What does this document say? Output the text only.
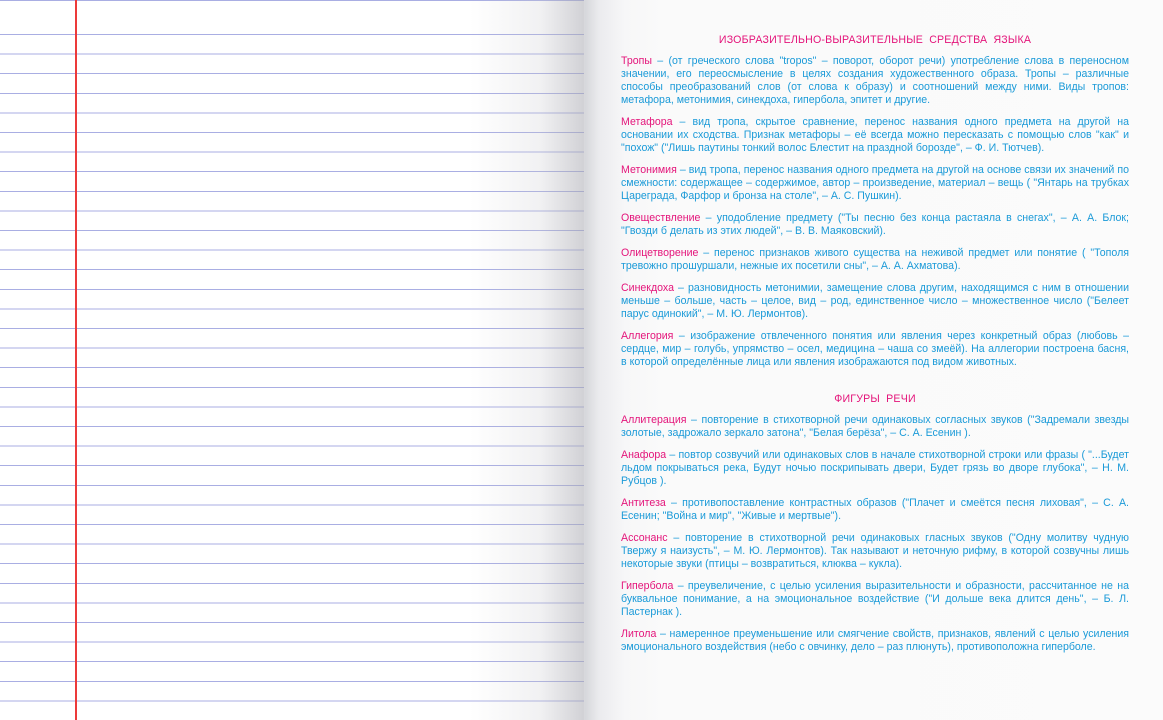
ИЗОБРАЗИТЕЛЬНО-ВЫРАЗИТЕЛЬНЫЕ СРЕДСТВА ЯЗЫКА

Тропы – (от греческого слова "tropos" – поворот, оборот речи) употребление слова в переносном значении, его переосмысление в целях создания художественного образа. Тропы – различные способы преобразований слов (от слова к образу) и соотношений между ними. Виды тропов: метафора, метонимия, синекдоха, гипербола, эпитет и другие.

Метафора – вид тропа, скрытое сравнение, перенос названия одного предмета на другой на основании их сходства. Признак метафоры – её всегда можно пересказать с помощью слов "как" и "похож" ("Лишь паутины тонкий волос Блестит на праздной борозде", – Ф. И. Тютчев).

Метонимия – вид тропа, перенос названия одного предмета на другой на основе связи их значений по смежности: содержащее – содержимое, автор – произведение, материал – вещь ( "Янтарь на трубках Цареграда, Фарфор и бронза на столе", – А. С. Пушкин).

Овеществление – уподобление предмету ("Ты песню без конца растаяла в снегах", – А. А. Блок; "Гвозди б делать из этих людей", – В. В. Маяковский).

Олицетворение – перенос признаков живого существа на неживой предмет или понятие ( "Тополя тревожно прошуршали, нежные их посетили сны", – А. А. Ахматова).

Синекдоха – разновидность метонимии, замещение слова другим, находящимся с ним в отношении меньше – больше, часть – целое, вид – род, единственное число – множественное число ("Белеет парус одинокий", – М. Ю. Лермонтов).

Аллегория – изображение отвлеченного понятия или явления через конкретный образ (любовь – сердце, мир – голубь, упрямство – осел, медицина – чаша со змеёй). На аллегории построена басня, в которой определённые лица или явления изображаются под видом животных.

ФИГУРЫ РЕЧИ

Аллитерация – повторение в стихотворной речи одинаковых согласных звуков ("Задремали звезды золотые, задрожало зеркало затона", "Белая берёза", – С. А. Есенин ).

Анафора – повтор созвучий или одинаковых слов в начале стихотворной строки или фразы ( "...Будет льдом покрываться река, Будут ночью поскрипывать двери, Будет грязь во дворе глубока", – Н. М. Рубцов ).

Антитеза – противопоставление контрастных образов ("Плачет и смеётся песня лиховая", – С. А. Есенин; "Война и мир", "Живые и мертвые").

Ассонанс – повторение в стихотворной речи одинаковых гласных звуков ("Одну молитву чудную Твержу я наизусть", – М. Ю. Лермонтов). Так называют и неточную рифму, в которой созвучны лишь некоторые звуки (птицы – возвратиться, клюква – кукла).

Гипербола – преувеличение, с целью усиления выразительности и образности, рассчитанное не на буквальное понимание, а на эмоциональное воздействие ("И дольше века длится день", – Б. Л. Пастернак ).

Литола – намеренное преуменьшение или смягчение свойств, признаков, явлений с целью усиления эмоционального воздействия (небо с овчинку, дело – раз плюнуть), противоположна гиперболе.
